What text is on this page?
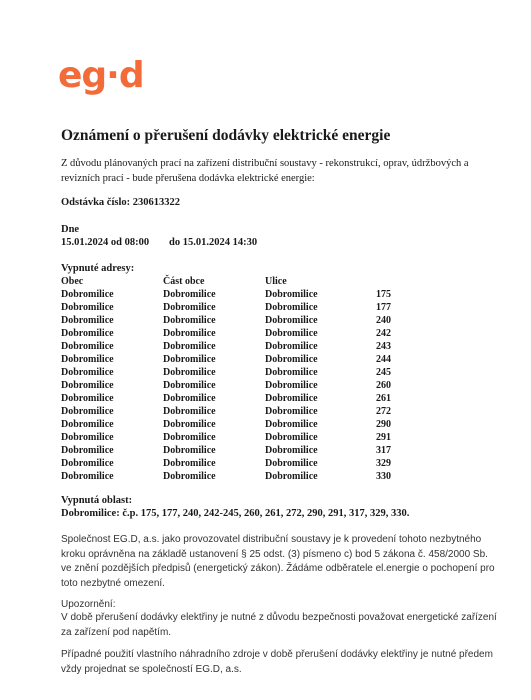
eg·d
Oznámení o přerušení dodávky elektrické energie
Z důvodu plánovaných prací na zařízení distribuční soustavy - rekonstrukcí, oprav, údržbových a revizních prací - bude přerušena dodávka elektrické energie:
Odstávka číslo: 230613322
Dne
15.01.2024 od 08:00 do 15.01.2024 14:30
Vypnuté adresy:
Obec	Část obce	Ulice	
Dobromilice	Dobromilice	Dobromilice	175
Dobromilice	Dobromilice	Dobromilice	177
Dobromilice	Dobromilice	Dobromilice	240
Dobromilice	Dobromilice	Dobromilice	242
Dobromilice	Dobromilice	Dobromilice	243
Dobromilice	Dobromilice	Dobromilice	244
Dobromilice	Dobromilice	Dobromilice	245
Dobromilice	Dobromilice	Dobromilice	260
Dobromilice	Dobromilice	Dobromilice	261
Dobromilice	Dobromilice	Dobromilice	272
Dobromilice	Dobromilice	Dobromilice	290
Dobromilice	Dobromilice	Dobromilice	291
Dobromilice	Dobromilice	Dobromilice	317
Dobromilice	Dobromilice	Dobromilice	329
Dobromilice	Dobromilice	Dobromilice	330
Vypnutá oblast:
Dobromilice: č.p. 175, 177, 240, 242-245, 260, 261, 272, 290, 291, 317, 329, 330.
Společnost EG.D, a.s. jako provozovatel distribuční soustavy je k provedení tohoto nezbytného kroku oprávněna na základě ustanovení § 25 odst. (3) písmeno c) bod 5 zákona č. 458/2000 Sb. ve znění pozdějších předpisů (energetický zákon). Žádáme odběratele el.energie o pochopení pro toto nezbytné omezení.
Upozornění:
V době přerušení dodávky elektřiny je nutné z důvodu bezpečnosti považovat energetické zařízení za zařízení pod napětím.
Případné použití vlastního náhradního zdroje v době přerušení dodávky elektřiny je nutné předem vždy projednat se společností EG.D, a.s.
